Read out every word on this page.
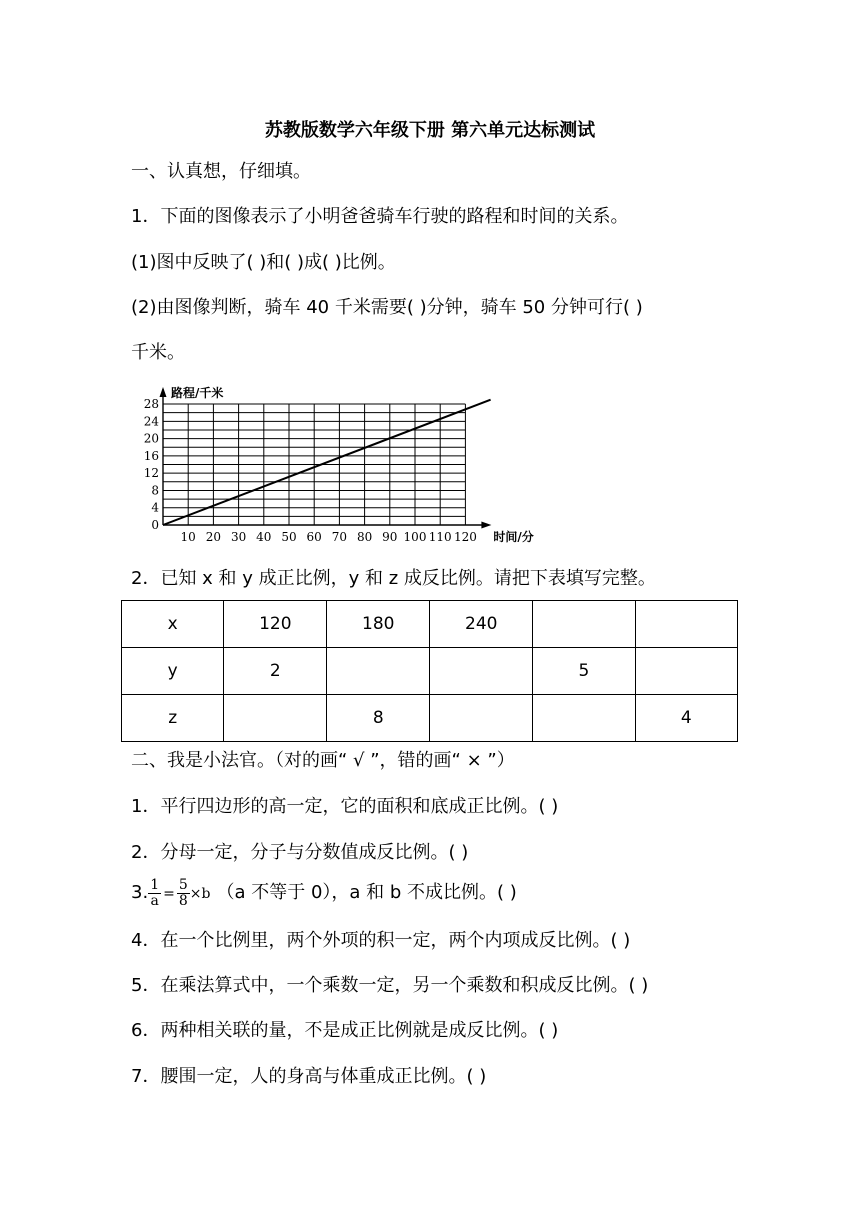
苏教版数学六年级下册 第六单元达标测试
一、认真想，仔细填。
1．下面的图像表示了小明爸爸骑车行驶的路程和时间的关系。
(1)图中反映了( )和( )成( )比例。
(2)由图像判断，骑车 40 千米需要( )分钟，骑车 50 分钟可行( )
千米。
0
4
8
12
16
20
24
28
10 20 30 40 50 60 70 80 90 100 110 120
路程/千米
时间/分
2．已知 x 和 y 成正比例，y 和 z 成反比例。请把下表填写完整。
x	120	180	240		
y	2			5	
z		8			4
二、我是小法官。（对的画“ √ ”，错的画“ × ”）
1．平行四边形的高一定，它的面积和底成正比例。( )
2．分母一定，分子与分数值成反比例。( )
3. $\frac{1}{a} = \frac{5}{8} \times b$ （a 不等于 0），a 和 b 不成比例。( )
4．在一个比例里，两个外项的积一定，两个内项成反比例。( )
5．在乘法算式中，一个乘数一定，另一个乘数和积成反比例。( )
6．两种相关联的量，不是成正比例就是成反比例。( )
7．腰围一定，人的身高与体重成正比例。( )
